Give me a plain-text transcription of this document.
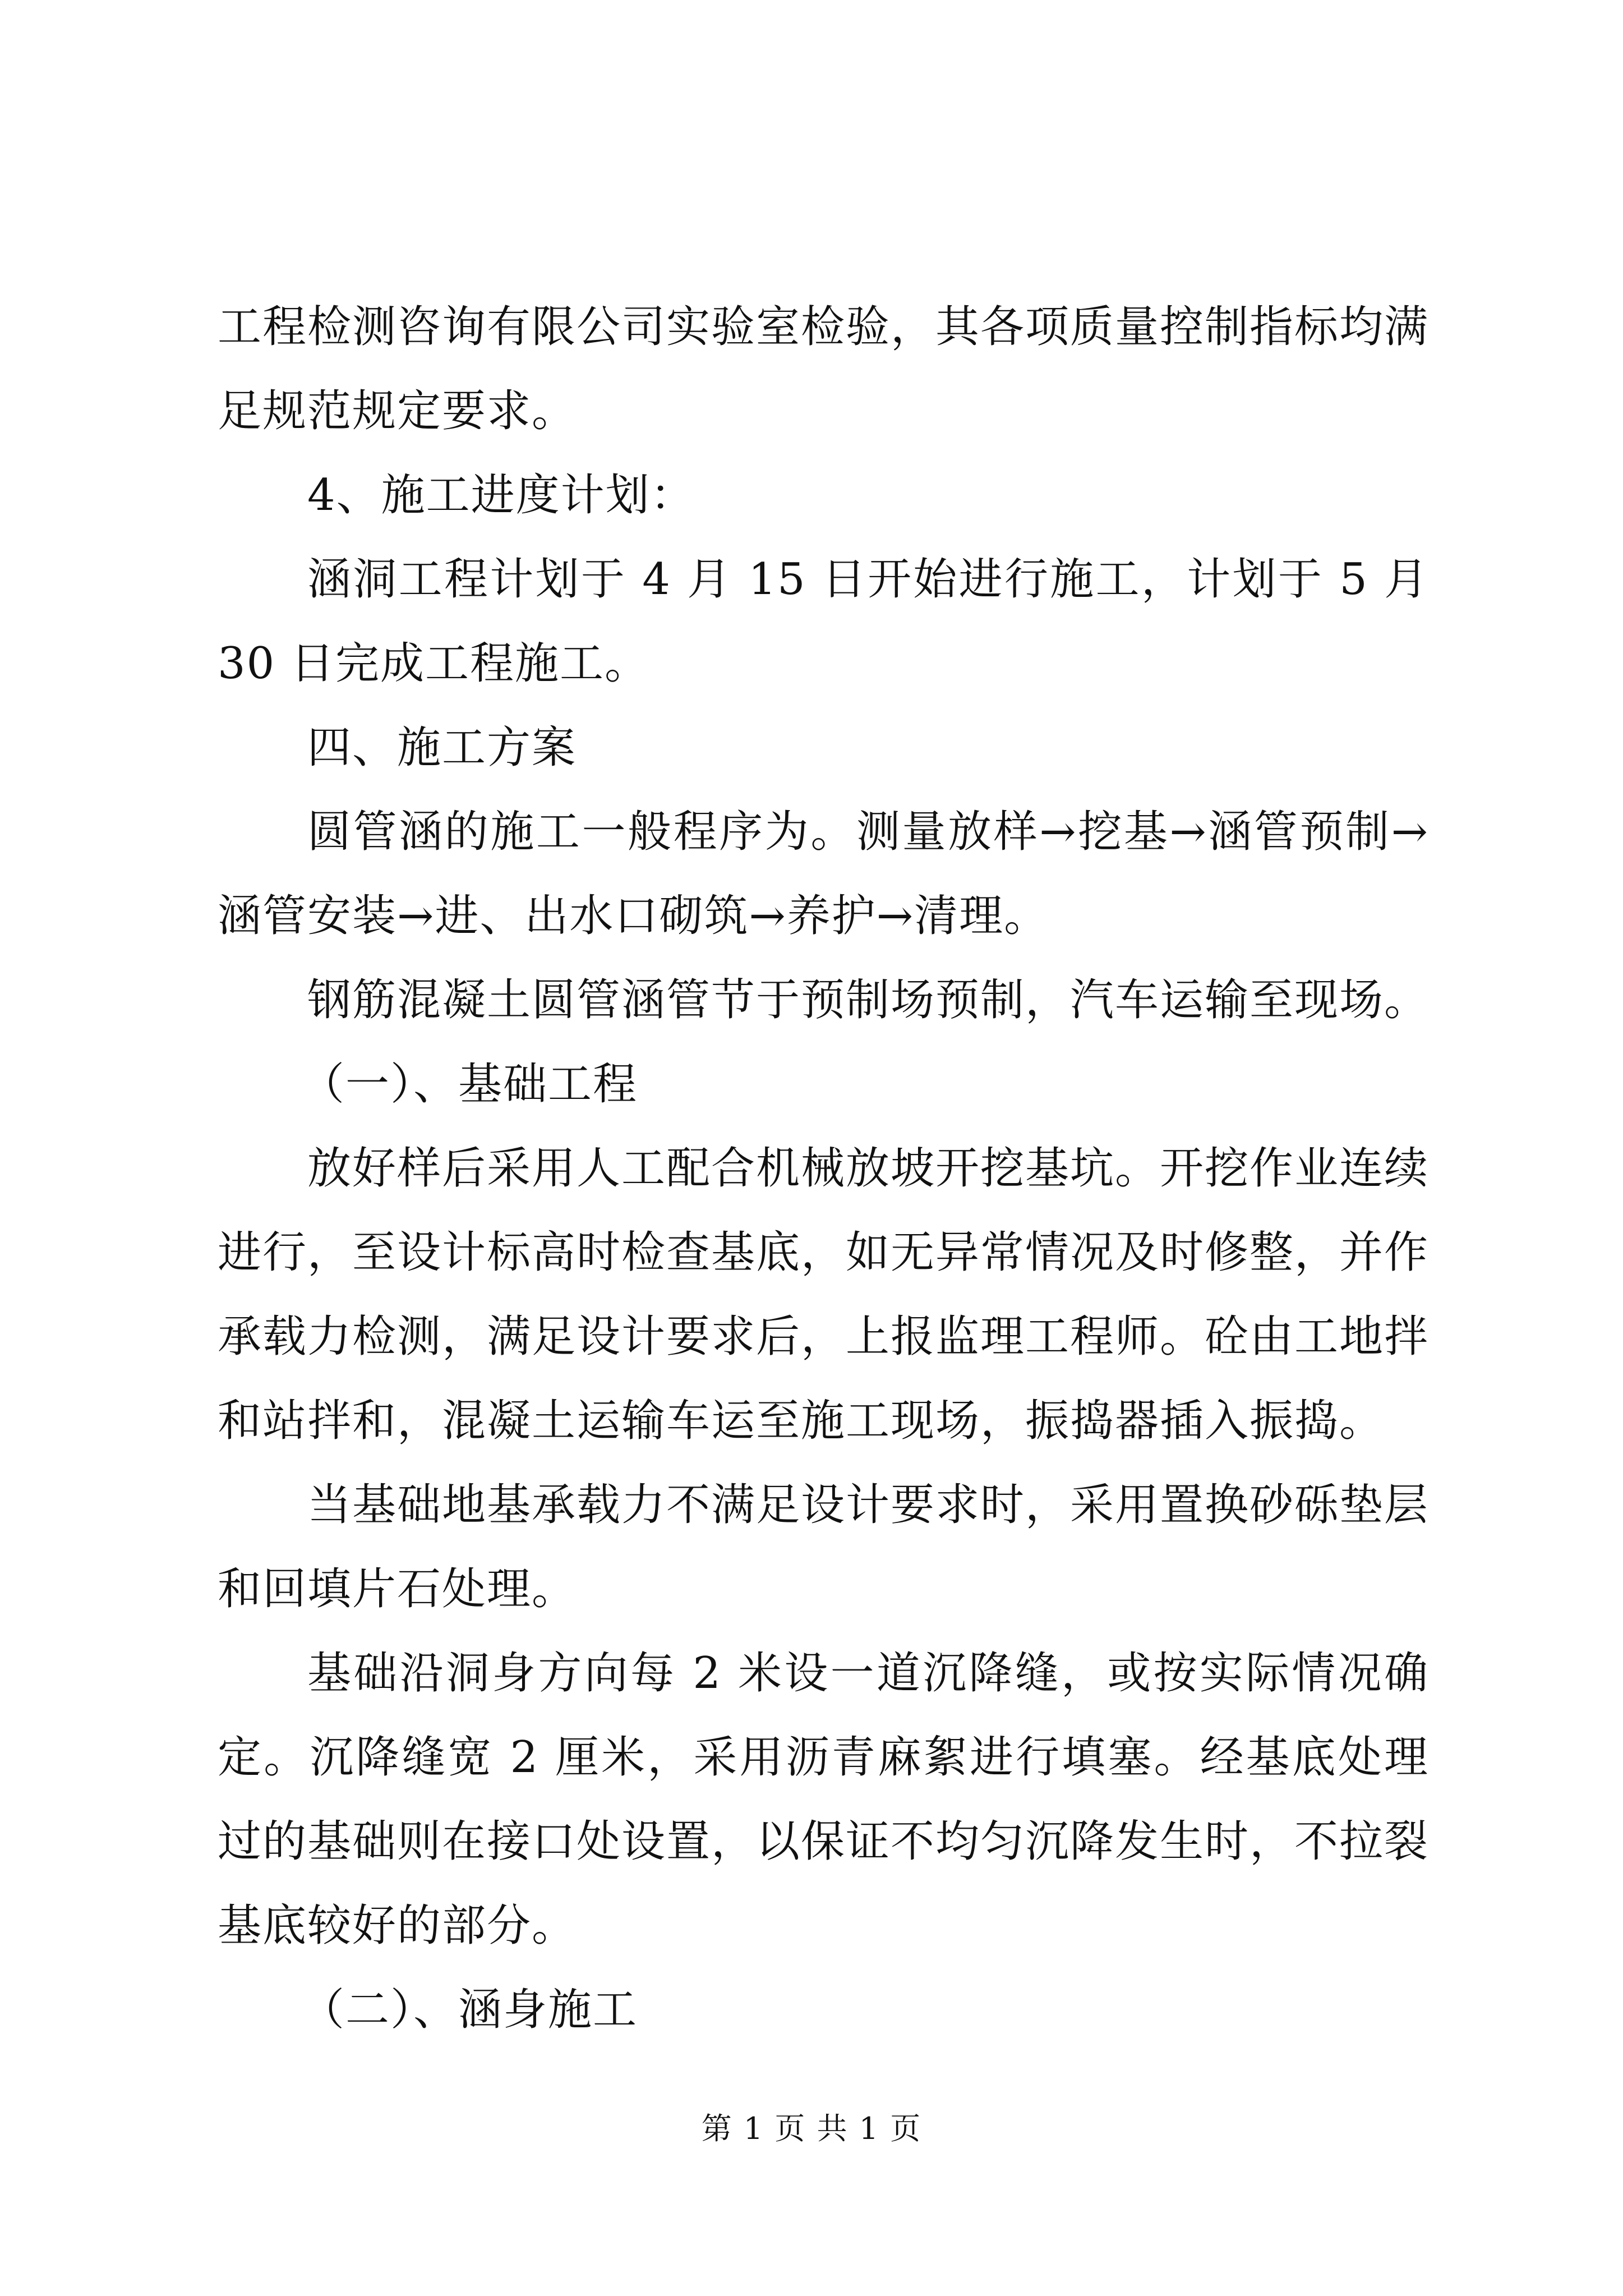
工程检测咨询有限公司实验室检验，其各项质量控制指标均满足规范规定要求。

4、施工进度计划：

涵洞工程计划于 4 月 15 日开始进行施工，计划于 5 月 30 日完成工程施工。

四、施工方案

圆管涵的施工一般程序为。测量放样→挖基→涵管预制→涵管安装→进、出水口砌筑→养护→清理。

钢筋混凝土圆管涵管节于预制场预制，汽车运输至现场。

（一）、基础工程

放好样后采用人工配合机械放坡开挖基坑。开挖作业连续进行，至设计标高时检查基底，如无异常情况及时修整，并作承载力检测，满足设计要求后，上报监理工程师。砼由工地拌和站拌和，混凝土运输车运至施工现场，振捣器插入振捣。

当基础地基承载力不满足设计要求时，采用置换砂砾垫层和回填片石处理。

基础沿洞身方向每 2 米设一道沉降缝，或按实际情况确定。沉降缝宽 2 厘米，采用沥青麻絮进行填塞。经基底处理过的基础则在接口处设置，以保证不均匀沉降发生时，不拉裂基底较好的部分。

（二）、涵身施工

第 1 页 共 1 页
